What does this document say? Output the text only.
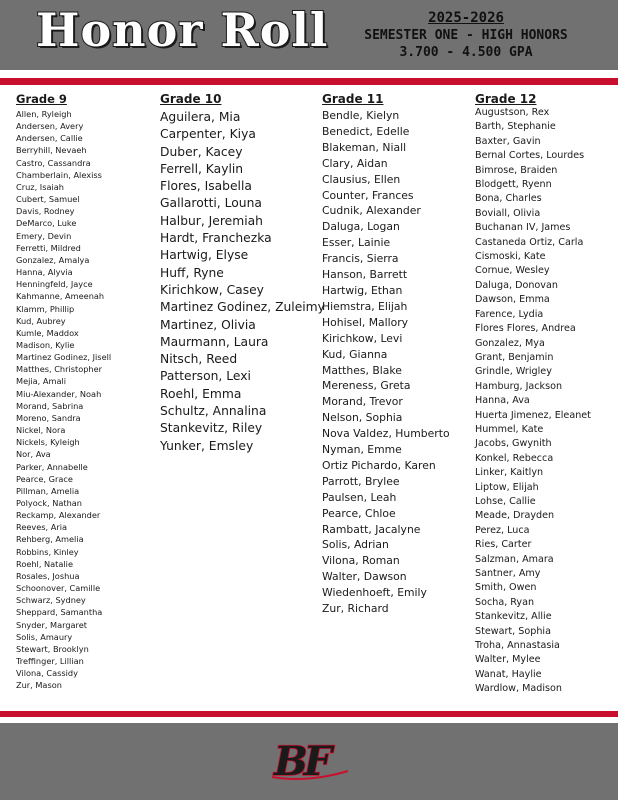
Honor Roll	2025-2026
SEMESTER ONE - HIGH HONORS
3.700 - 4.500 GPA
Grade 9
Allen, Ryleigh
Andersen, Avery
Andersen, Callie
Berryhill, Nevaeh
Castro, Cassandra
Chamberlain, Alexiss
Cruz, Isaiah
Cubert, Samuel
Davis, Rodney
DeMarco, Luke
Emery, Devin
Ferretti, Mildred
Gonzalez, Amalya
Hanna, Alyvia
Henningfeld, Jayce
Kahmanne, Ameenah
Klamm, Phillip
Kud, Aubrey
Kumle, Maddox
Madison, Kylie
Martinez Godinez, Jisell
Matthes, Christopher
Mejia, Amali
Miu-Alexander, Noah
Morand, Sabrina
Moreno, Sandra
Nickel, Nora
Nickels, Kyleigh
Nor, Ava
Parker, Annabelle
Pearce, Grace
Pillman, Amelia
Polyock, Nathan
Reckamp, Alexander
Reeves, Aria
Rehberg, Amelia
Robbins, Kinley
Roehl, Natalie
Rosales, Joshua
Schoonover, Camille
Schwarz, Sydney
Sheppard, Samantha
Snyder, Margaret
Solis, Amaury
Stewart, Brooklyn
Treffinger, Lillian
Vilona, Cassidy
Zur, Mason
Grade 10
Aguilera, Mia
Carpenter, Kiya
Duber, Kacey
Ferrell, Kaylin
Flores, Isabella
Gallarotti, Louna
Halbur, Jeremiah
Hardt, Franchezka
Hartwig, Elyse
Huff, Ryne
Kirichkow, Casey
Martinez Godinez, Zuleimy
Martinez, Olivia
Maurmann, Laura
Nitsch, Reed
Patterson, Lexi
Roehl, Emma
Schultz, Annalina
Stankevitz, Riley
Yunker, Emsley
Grade 11
Bendle, Kielyn
Benedict, Edelle
Blakeman, Niall
Clary, Aidan
Clausius, Ellen
Counter, Frances
Cudnik, Alexander
Daluga, Logan
Esser, Lainie
Francis, Sierra
Hanson, Barrett
Hartwig, Ethan
Hiemstra, Elijah
Hohisel, Mallory
Kirichkow, Levi
Kud, Gianna
Matthes, Blake
Mereness, Greta
Morand, Trevor
Nelson, Sophia
Nova Valdez, Humberto
Nyman, Emme
Ortiz Pichardo, Karen
Parrott, Brylee
Paulsen, Leah
Pearce, Chloe
Rambatt, Jacalyne
Solis, Adrian
Vilona, Roman
Walter, Dawson
Wiedenhoeft, Emily
Zur, Richard
Grade 12
Augustson, Rex
Barth, Stephanie
Baxter, Gavin
Bernal Cortes, Lourdes
Bimrose, Braiden
Blodgett, Ryenn
Bona, Charles
Boviall, Olivia
Buchanan IV, James
Castaneda Ortiz, Carla
Cismoski, Kate
Cornue, Wesley
Daluga, Donovan
Dawson, Emma
Farence, Lydia
Flores Flores, Andrea
Gonzalez, Mya
Grant, Benjamin
Grindle, Wrigley
Hamburg, Jackson
Hanna, Ava
Huerta Jimenez, Eleanet
Hummel, Kate
Jacobs, Gwynith
Konkel, Rebecca
Linker, Kaitlyn
Liptow, Elijah
Lohse, Callie
Meade, Drayden
Perez, Luca
Ries, Carter
Salzman, Amara
Santner, Amy
Smith, Owen
Socha, Ryan
Stankevitz, Allie
Stewart, Sophia
Troha, Annastasia
Walter, Mylee
Wanat, Haylie
Wardlow, Madison
BF
